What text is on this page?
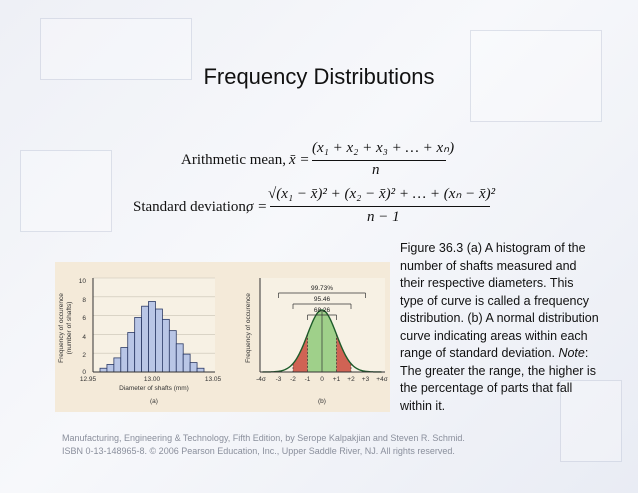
Frequency Distributions
Arithmetic mean, x̄ =
(x₁ + x₂ + x₃ + … + xₙ)
n
Standard deviation,
σ =
√(x₁ − x̄)² + (x₂ − x̄)² + … + (xₙ − x̄)²
n − 1
Figure 36.3 (a) A histogram of the number of shafts measured and their respective diameters. This type of curve is called a frequency distribution. (b) A normal distribution curve indicating areas within each range of standard deviation. Note: The greater the range, the higher is the percentage of parts that fall within it.
10
8
6
4
2
0
12.95	13.00	13.05
Diameter of shafts (mm)
(a)
Frequency of occurence (number of shafts)
99.73%
95.46
68.26
-4σ -3 -2 -1 0 +1 +2 +3 +4σ
(b)
Frequency of occurence
Manufacturing, Engineering & Technology, Fifth Edition, by Serope Kalpakjian and Steven R. Schmid.
ISBN 0-13-148965-8. © 2006 Pearson Education, Inc., Upper Saddle River, NJ. All rights reserved.
